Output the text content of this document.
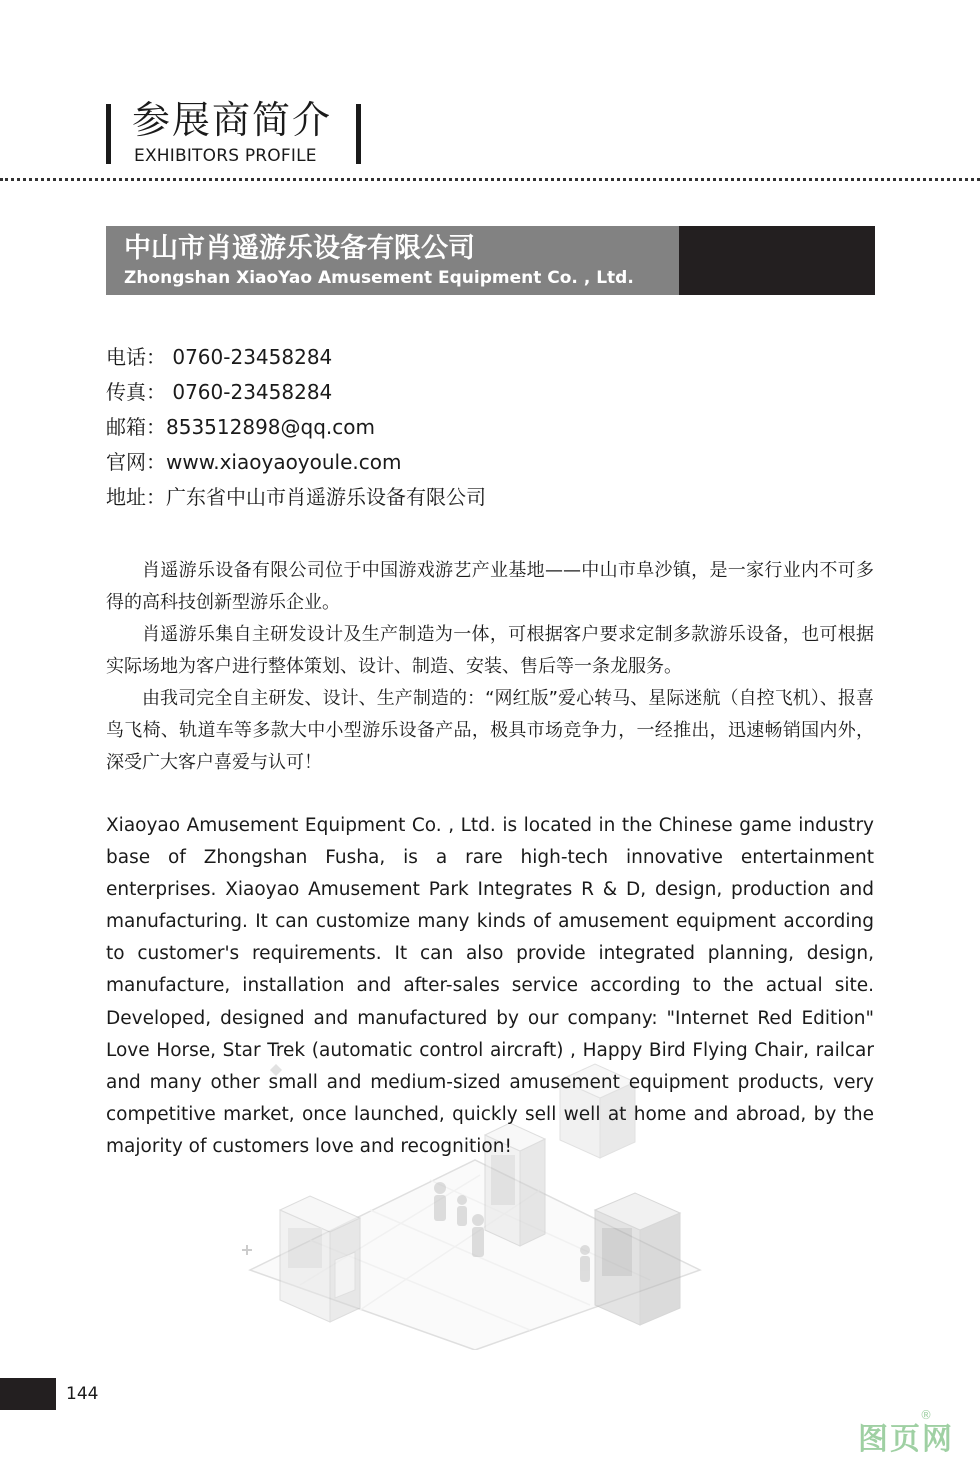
参展商简介
EXHIBITORS PROFILE
中山市肖遥游乐设备有限公司
Zhongshan XiaoYao Amusement Equipment Co. , Ltd.
电话： 0760-23458284
传真： 0760-23458284
邮箱：853512898@qq.com
官网：www.xiaoyaoyoule.com
地址：广东省中山市肖遥游乐设备有限公司

肖遥游乐设备有限公司位于中国游戏游艺产业基地——中山市阜沙镇，是一家行业内不可多得的高科技创新型游乐企业。

肖遥游乐集自主研发设计及生产制造为一体，可根据客户要求定制多款游乐设备，也可根据实际场地为客户进行整体策划、设计、制造、安装、售后等一条龙服务。

由我司完全自主研发、设计、生产制造的：“网红版”爱心转马、星际迷航（自控飞机）、报喜鸟飞椅、轨道车等多款大中小型游乐设备产品，极具市场竞争力，一经推出，迅速畅销国内外，深受广大客户喜爱与认可！

Xiaoyao Amusement Equipment Co. , Ltd. is located in the Chinese game industry base of Zhongshan Fusha, is a rare high-tech innovative entertainment enterprises. Xiaoyao Amusement Park Integrates R & D, design, production and manufacturing. It can customize many kinds of amusement equipment according to customer's requirements. It can also provide integrated planning, design, manufacture, installation and after-sales service according to the actual site. Developed, designed and manufactured by our company: "Internet Red Edition" Love Horse, Star Trek (automatic control aircraft) , Happy Bird Flying Chair, railcar and many other small and medium-sized amusement equipment products, very competitive market, once launched, quickly sell well at home and abroad, by the majority of customers love and recognition!

144
图页网
®
